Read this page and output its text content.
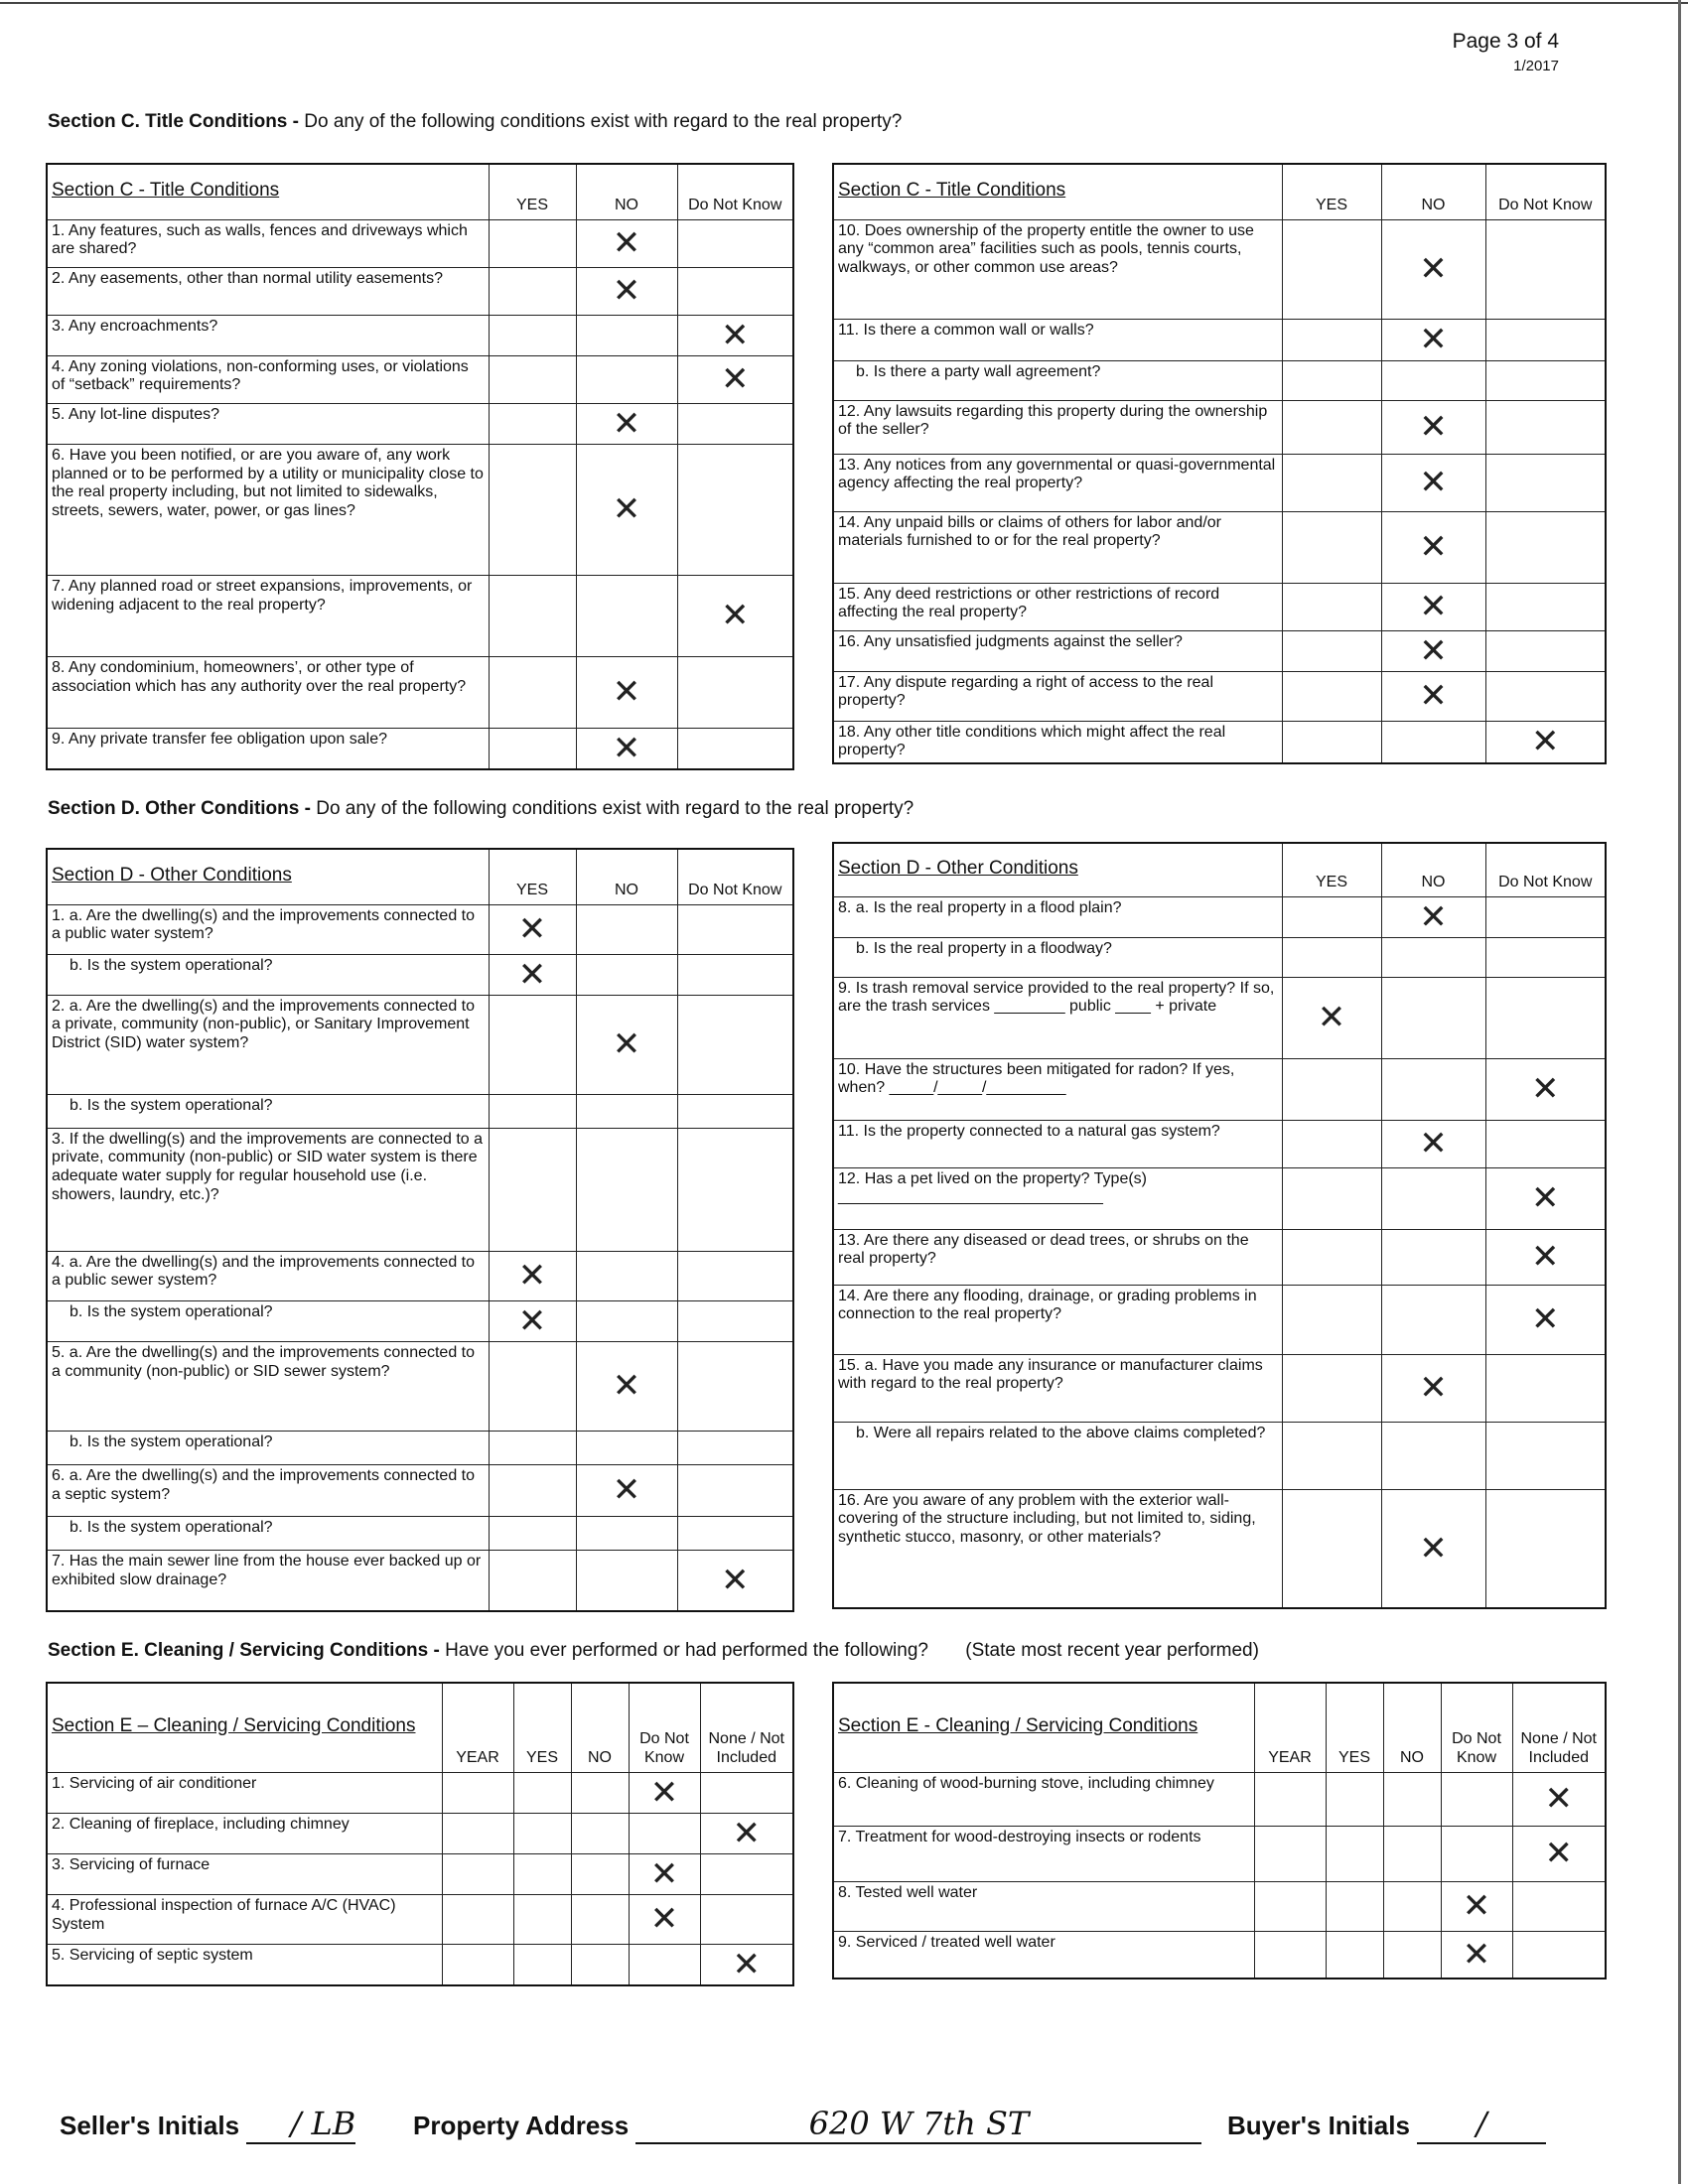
Page 3 of 4
1/2017
Section C. Title Conditions - Do any of the following conditions exist with regard to the real property?
Section C - Title Conditions	YES	NO	Do Not Know
1. Any features, such as walls, fences and driveways which are shared?		✕	
2. Any easements, other than normal utility easements?		✕	
3. Any encroachments?			✕
4. Any zoning violations, non-conforming uses, or violations of “setback” requirements?			✕
5. Any lot-line disputes?		✕	
6. Have you been notified, or are you aware of, any work planned or to be performed by a utility or municipality close to the real property including, but not limited to sidewalks, streets, sewers, water, power, or gas lines?		✕	
7. Any planned road or street expansions, improvements, or widening adjacent to the real property?			✕
8. Any condominium, homeowners’, or other type of association which has any authority over the real property?		✕	
9. Any private transfer fee obligation upon sale?		✕	
Section C - Title Conditions	YES	NO	Do Not Know
10. Does ownership of the property entitle the owner to use any “common area” facilities such as pools, tennis courts, walkways, or other common use areas?		✕	
11. Is there a common wall or walls?		✕	
b. Is there a party wall agreement?			
12. Any lawsuits regarding this property during the ownership of the seller?		✕	
13. Any notices from any governmental or quasi-governmental agency affecting the real property?		✕	
14. Any unpaid bills or claims of others for labor and/or materials furnished to or for the real property?		✕	
15. Any deed restrictions or other restrictions of record affecting the real property?		✕	
16. Any unsatisfied judgments against the seller?		✕	
17. Any dispute regarding a right of access to the real property?		✕	
18. Any other title conditions which might affect the real property?			✕
Section D. Other Conditions - Do any of the following conditions exist with regard to the real property?
Section D - Other Conditions	YES	NO	Do Not Know
1. a. Are the dwelling(s) and the improvements connected to a public water system?	✕		
b. Is the system operational?	✕		
2. a. Are the dwelling(s) and the improvements connected to a private, community (non-public), or Sanitary Improvement District (SID) water system?		✕	
b. Is the system operational?			
3. If the dwelling(s) and the improvements are connected to a private, community (non-public) or SID water system is there adequate water supply for regular household use (i.e. showers, laundry, etc.)?			
4. a. Are the dwelling(s) and the improvements connected to a public sewer system?	✕		
b. Is the system operational?	✕		
5. a. Are the dwelling(s) and the improvements connected to a community (non-public) or SID sewer system?		✕	
b. Is the system operational?			
6. a. Are the dwelling(s) and the improvements connected to a septic system?		✕	
b. Is the system operational?			
7. Has the main sewer line from the house ever backed up or exhibited slow drainage?			✕
Section D - Other Conditions	YES	NO	Do Not Know
8. a. Is the real property in a flood plain?		✕	
b. Is the real property in a floodway?			
9. Is trash removal service provided to the real property? If so, are the trash services ________ public ____ + private	✕		
10. Have the structures been mitigated for radon? If yes, when? _____/_____/_________			✕
11. Is the property connected to a natural gas system?		✕	
12. Has a pet lived on the property? Type(s) ______________________________			✕
13. Are there any diseased or dead trees, or shrubs on the real property?			✕
14. Are there any flooding, drainage, or grading problems in connection to the real property?			✕
15. a. Have you made any insurance or manufacturer claims with regard to the real property?		✕	
b. Were all repairs related to the above claims completed?			
16. Are you aware of any problem with the exterior wall-covering of the structure including, but not limited to, siding, synthetic stucco, masonry, or other materials?		✕	
Section E. Cleaning / Servicing Conditions - Have you ever performed or had performed the following? (State most recent year performed)
Section E – Cleaning / Servicing Conditions	YEAR	YES	NO	Do Not Know	None / Not Included
1. Servicing of air conditioner				✕	
2. Cleaning of fireplace, including chimney					✕
3. Servicing of furnace				✕	
4. Professional inspection of furnace A/C (HVAC) System				✕	
5. Servicing of septic system					✕
Section E - Cleaning / Servicing Conditions	YEAR	YES	NO	Do Not Know	None / Not Included
6. Cleaning of wood-burning stove, including chimney					✕
7. Treatment for wood-destroying insects or rodents					✕
8. Tested well water				✕	
9. Serviced / treated well water				✕	
Seller's Initials / LB Property Address	620 W 7th ST	Buyer's Initials /
